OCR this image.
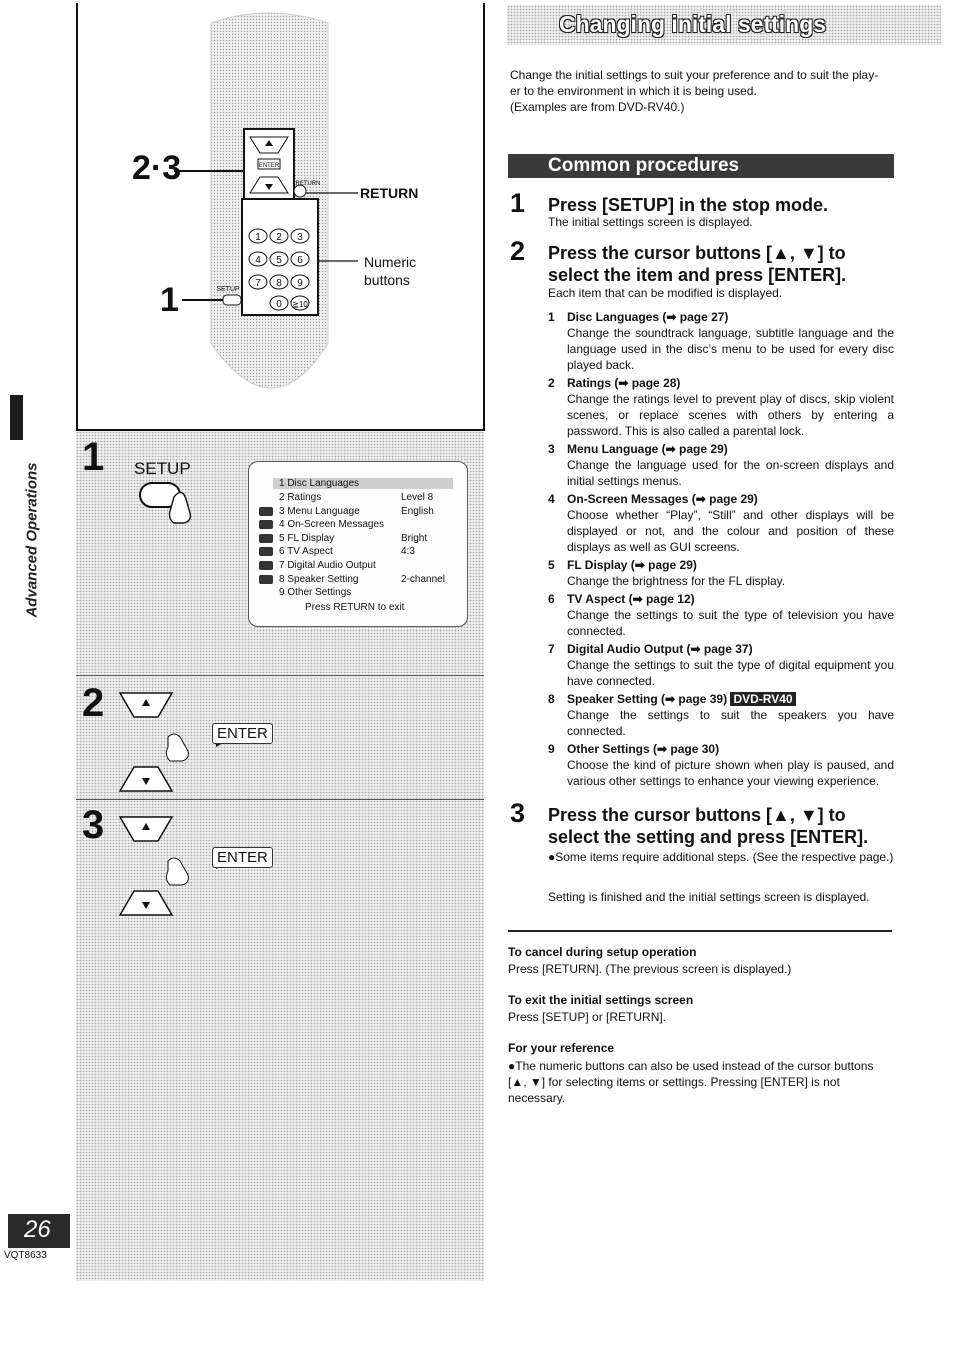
Advanced Operations
26
VQT8633
1 2 3
4 5 6
7 8 9
0 ≧10
ENTER
RETURN
SETUP
2·3
1
RETURN
Numeric
buttons
1 SETUP
1 Disc Languages
2 Ratings	Level 8
3 Menu Language	English
4 On-Screen Messages
5 FL Display	Bright
6 TV Aspect	4:3
7 Digital Audio Output
8 Speaker Setting	2-channel
9 Other Settings
Press RETURN to exit
2
ENTER
3
ENTER
Changing initial settings
Change the initial settings to suit your preference and to suit the play-
er to the environment in which it is being used.
(Examples are from DVD-RV40.)
Common procedures
1 Press [SETUP] in the stop mode.
The initial settings screen is displayed.
2 Press the cursor buttons [▲, ▼] to select the item and press [ENTER].
Each item that can be modified is displayed.
1 Disc Languages (➡ page 27)
Change the soundtrack language, subtitle language and the language used in the disc’s menu to be used for every disc played back.
2 Ratings (➡ page 28)
Change the ratings level to prevent play of discs, skip violent scenes, or replace scenes with others by entering a password. This is also called a parental lock.
3 Menu Language (➡ page 29)
Change the language used for the on-screen displays and initial settings menus.
4 On-Screen Messages (➡ page 29)
Choose whether “Play”, “Still” and other displays will be displayed or not, and the colour and position of these displays as well as GUI screens.
5 FL Display (➡ page 29)
Change the brightness for the FL display.
6 TV Aspect (➡ page 12)
Change the settings to suit the type of television you have connected.
7 Digital Audio Output (➡ page 37)
Change the settings to suit the type of digital equipment you have connected.
8 Speaker Setting (➡ page 39) DVD-RV40
Change the settings to suit the speakers you have connected.
9 Other Settings (➡ page 30)
Choose the kind of picture shown when play is paused, and various other settings to enhance your viewing experience.
3 Press the cursor buttons [▲, ▼] to select the setting and press [ENTER].
●Some items require additional steps. (See the respective page.)
Setting is finished and the initial settings screen is displayed.
To cancel during setup operation
Press [RETURN]. (The previous screen is displayed.)
To exit the initial settings screen
Press [SETUP] or [RETURN].
For your reference
●The numeric buttons can also be used instead of the cursor buttons [▲, ▼] for selecting items or settings. Pressing [ENTER] is not necessary.
